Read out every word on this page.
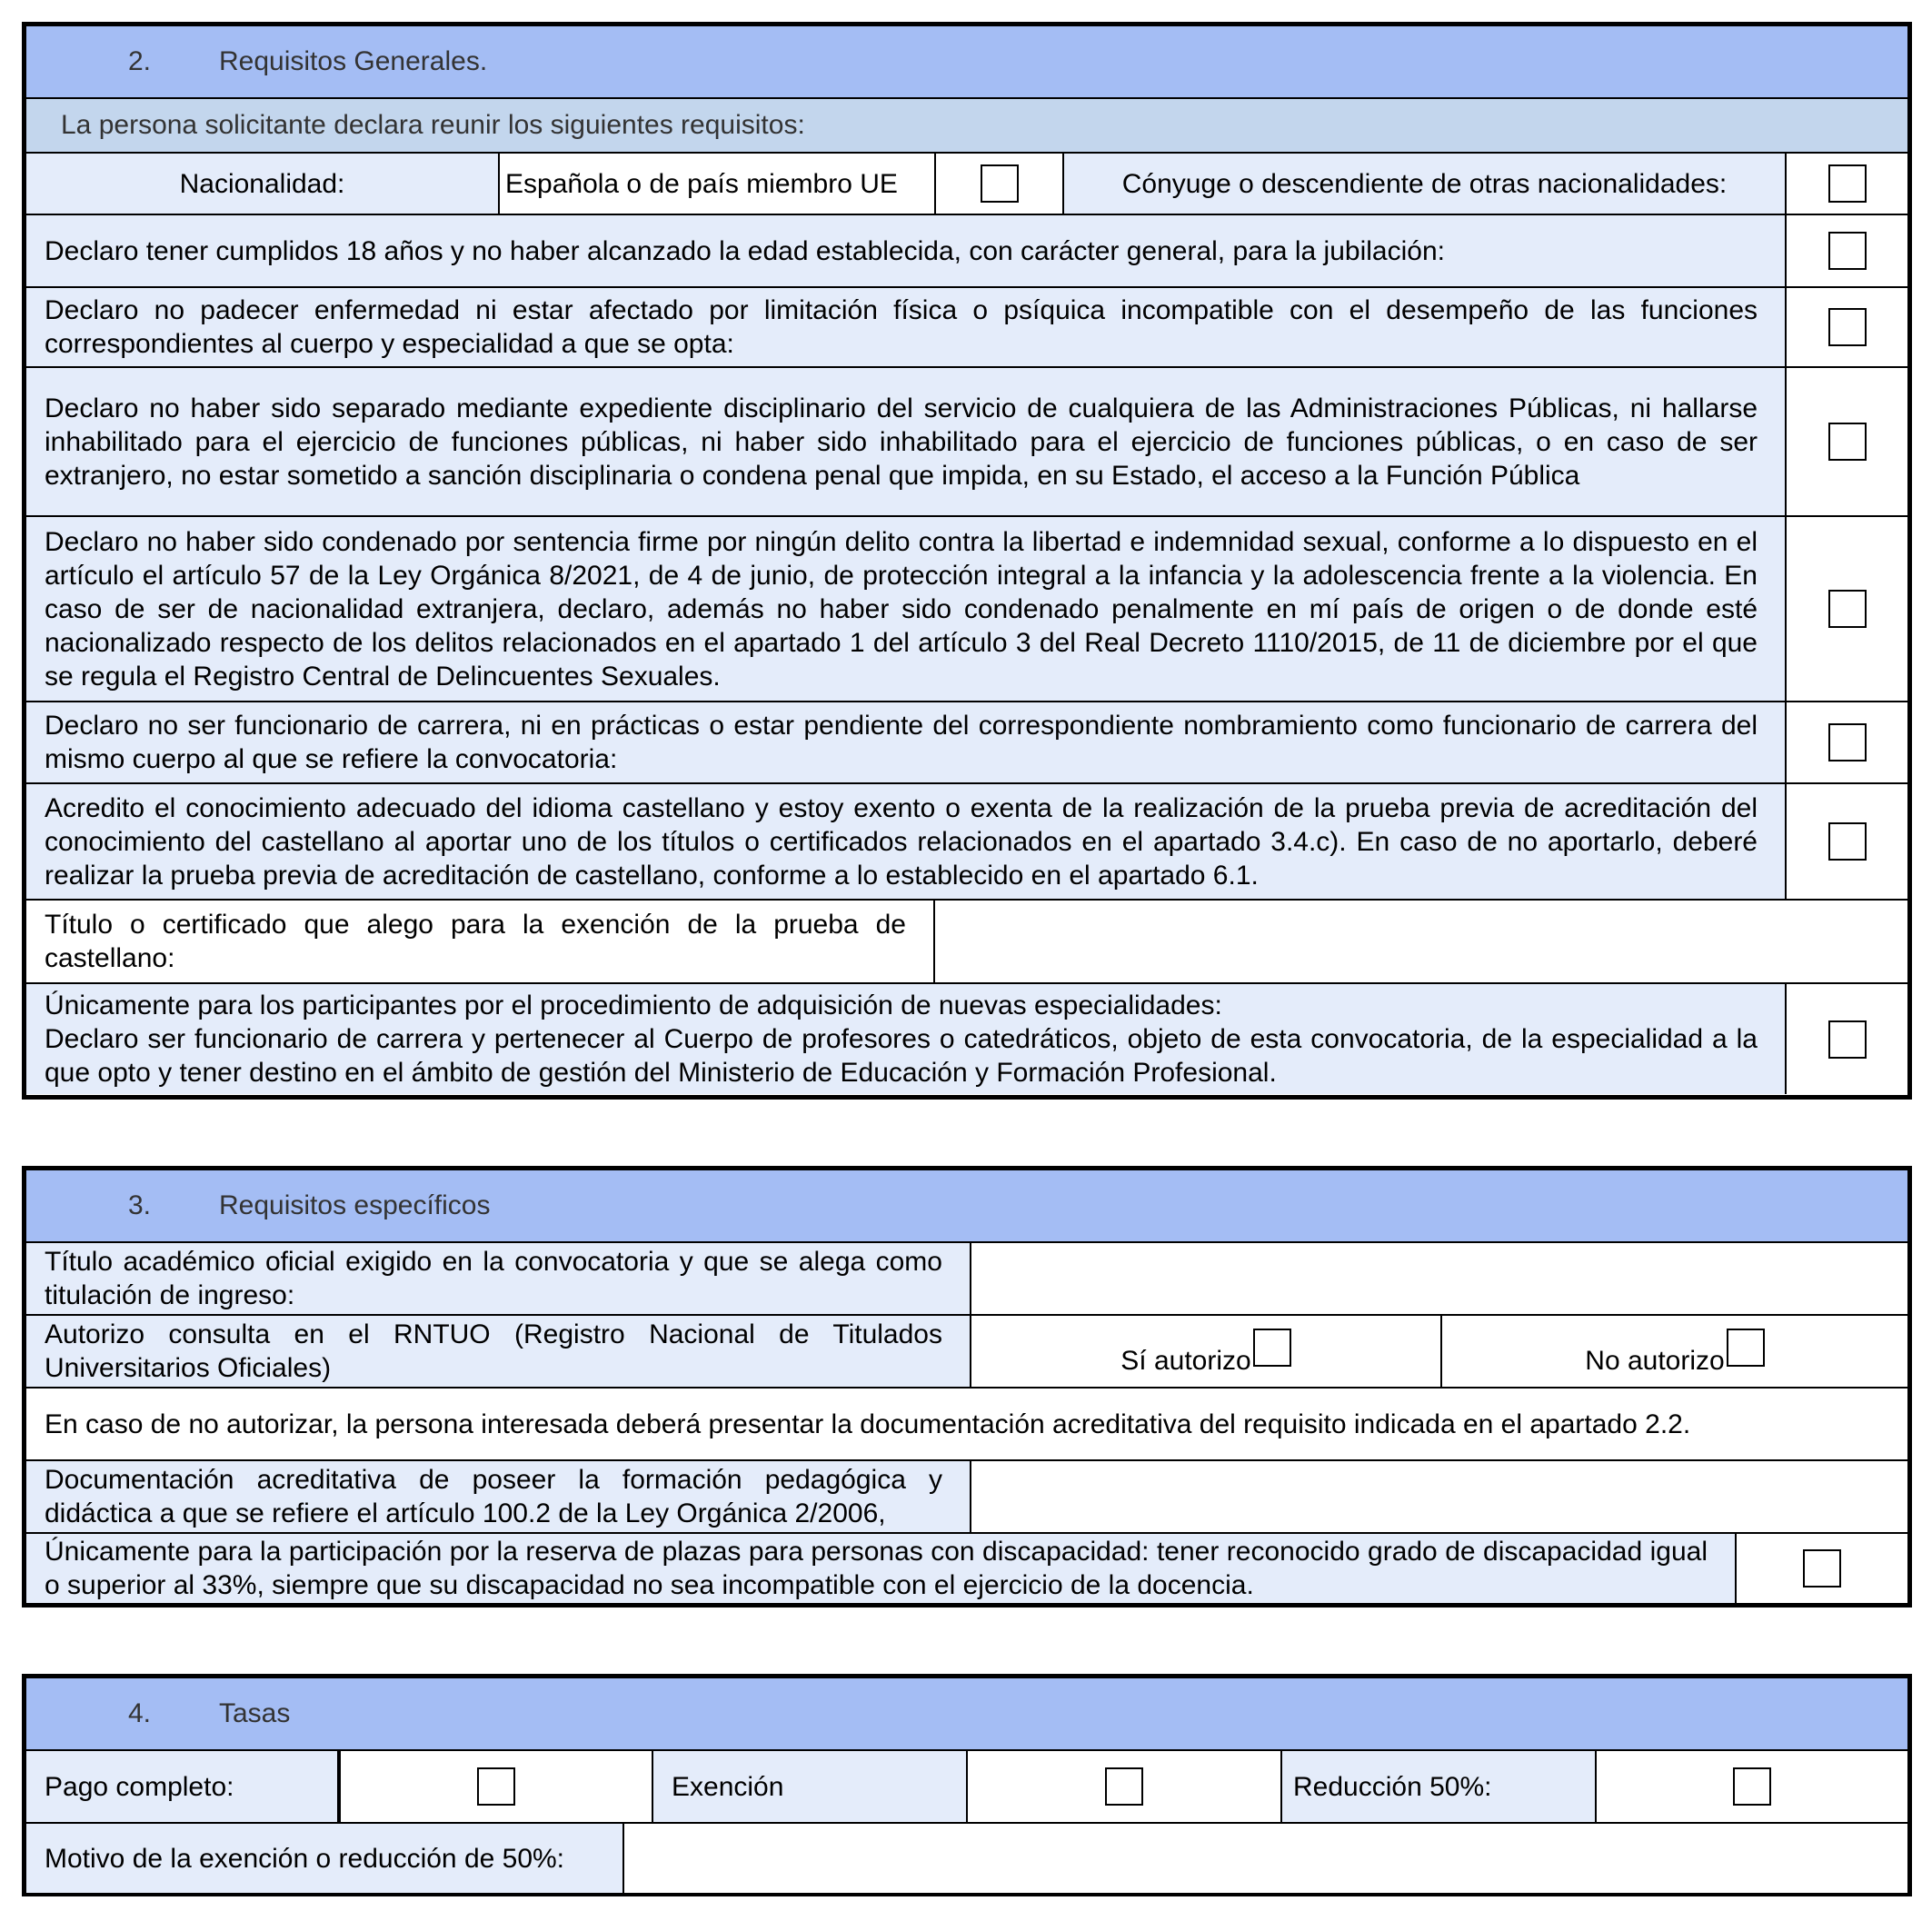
2.	Requisitos Generales.
La persona solicitante declara reunir los siguientes requisitos:
Nacionalidad:	Española o de país miembro UE	Cónyuge o descendiente de otras nacionalidades:
Declaro tener cumplidos 18 años y no haber alcanzado la edad establecida, con carácter general, para la jubilación:
Declaro no padecer enfermedad ni estar afectado por limitación física o psíquica incompatible con el desempeño de las funciones correspondientes al cuerpo y especialidad a que se opta:
Declaro no haber sido separado mediante expediente disciplinario del servicio de cualquiera de las Administraciones Públicas, ni hallarse inhabilitado para el ejercicio de funciones públicas, ni haber sido inhabilitado para el ejercicio de funciones públicas, o en caso de ser extranjero, no estar sometido a sanción disciplinaria o condena penal que impida, en su Estado, el acceso a la Función Pública
Declaro no haber sido condenado por sentencia firme por ningún delito contra la libertad e indemnidad sexual, conforme a lo dispuesto en el artículo el artículo 57 de la Ley Orgánica 8/2021, de 4 de junio, de protección integral a la infancia y la adolescencia frente a la violencia. En caso de ser de nacionalidad extranjera, declaro, además no haber sido condenado penalmente en mí país de origen o de donde esté nacionalizado respecto de los delitos relacionados en el apartado 1 del artículo 3 del Real Decreto 1110/2015, de 11 de diciembre por el que se regula el Registro Central de Delincuentes Sexuales.
Declaro no ser funcionario de carrera, ni en prácticas o estar pendiente del correspondiente nombramiento como funcionario de carrera del mismo cuerpo al que se refiere la convocatoria:
Acredito el conocimiento adecuado del idioma castellano y estoy exento o exenta de la realización de la prueba previa de acreditación del conocimiento del castellano al aportar uno de los títulos o certificados relacionados en el apartado 3.4.c). En caso de no aportarlo, deberé realizar la prueba previa de acreditación de castellano, conforme a lo establecido en el apartado 6.1.
Título o certificado que alego para la exención de la prueba de castellano:
Únicamente para los participantes por el procedimiento de adquisición de nuevas especialidades:
Declaro ser funcionario de carrera y pertenecer al Cuerpo de profesores o catedráticos, objeto de esta convocatoria, de la especialidad a la que opto y tener destino en el ámbito de gestión del Ministerio de Educación y Formación Profesional.
3.	Requisitos específicos
Título académico oficial exigido en la convocatoria y que se alega como titulación de ingreso:
Autorizo consulta en el RNTUO (Registro Nacional de Titulados Universitarios Oficiales)	Sí autorizo	No autorizo
En caso de no autorizar, la persona interesada deberá presentar la documentación acreditativa del requisito indicada en el apartado 2.2.
Documentación acreditativa de poseer la formación pedagógica y didáctica a que se refiere el artículo 100.2 de la Ley Orgánica 2/2006,
Únicamente para la participación por la reserva de plazas para personas con discapacidad: tener reconocido grado de discapacidad igual o superior al 33%, siempre que su discapacidad no sea incompatible con el ejercicio de la docencia.
4.	Tasas
Pago completo:	Exención	Reducción 50%:
Motivo de la exención o reducción de 50%:
